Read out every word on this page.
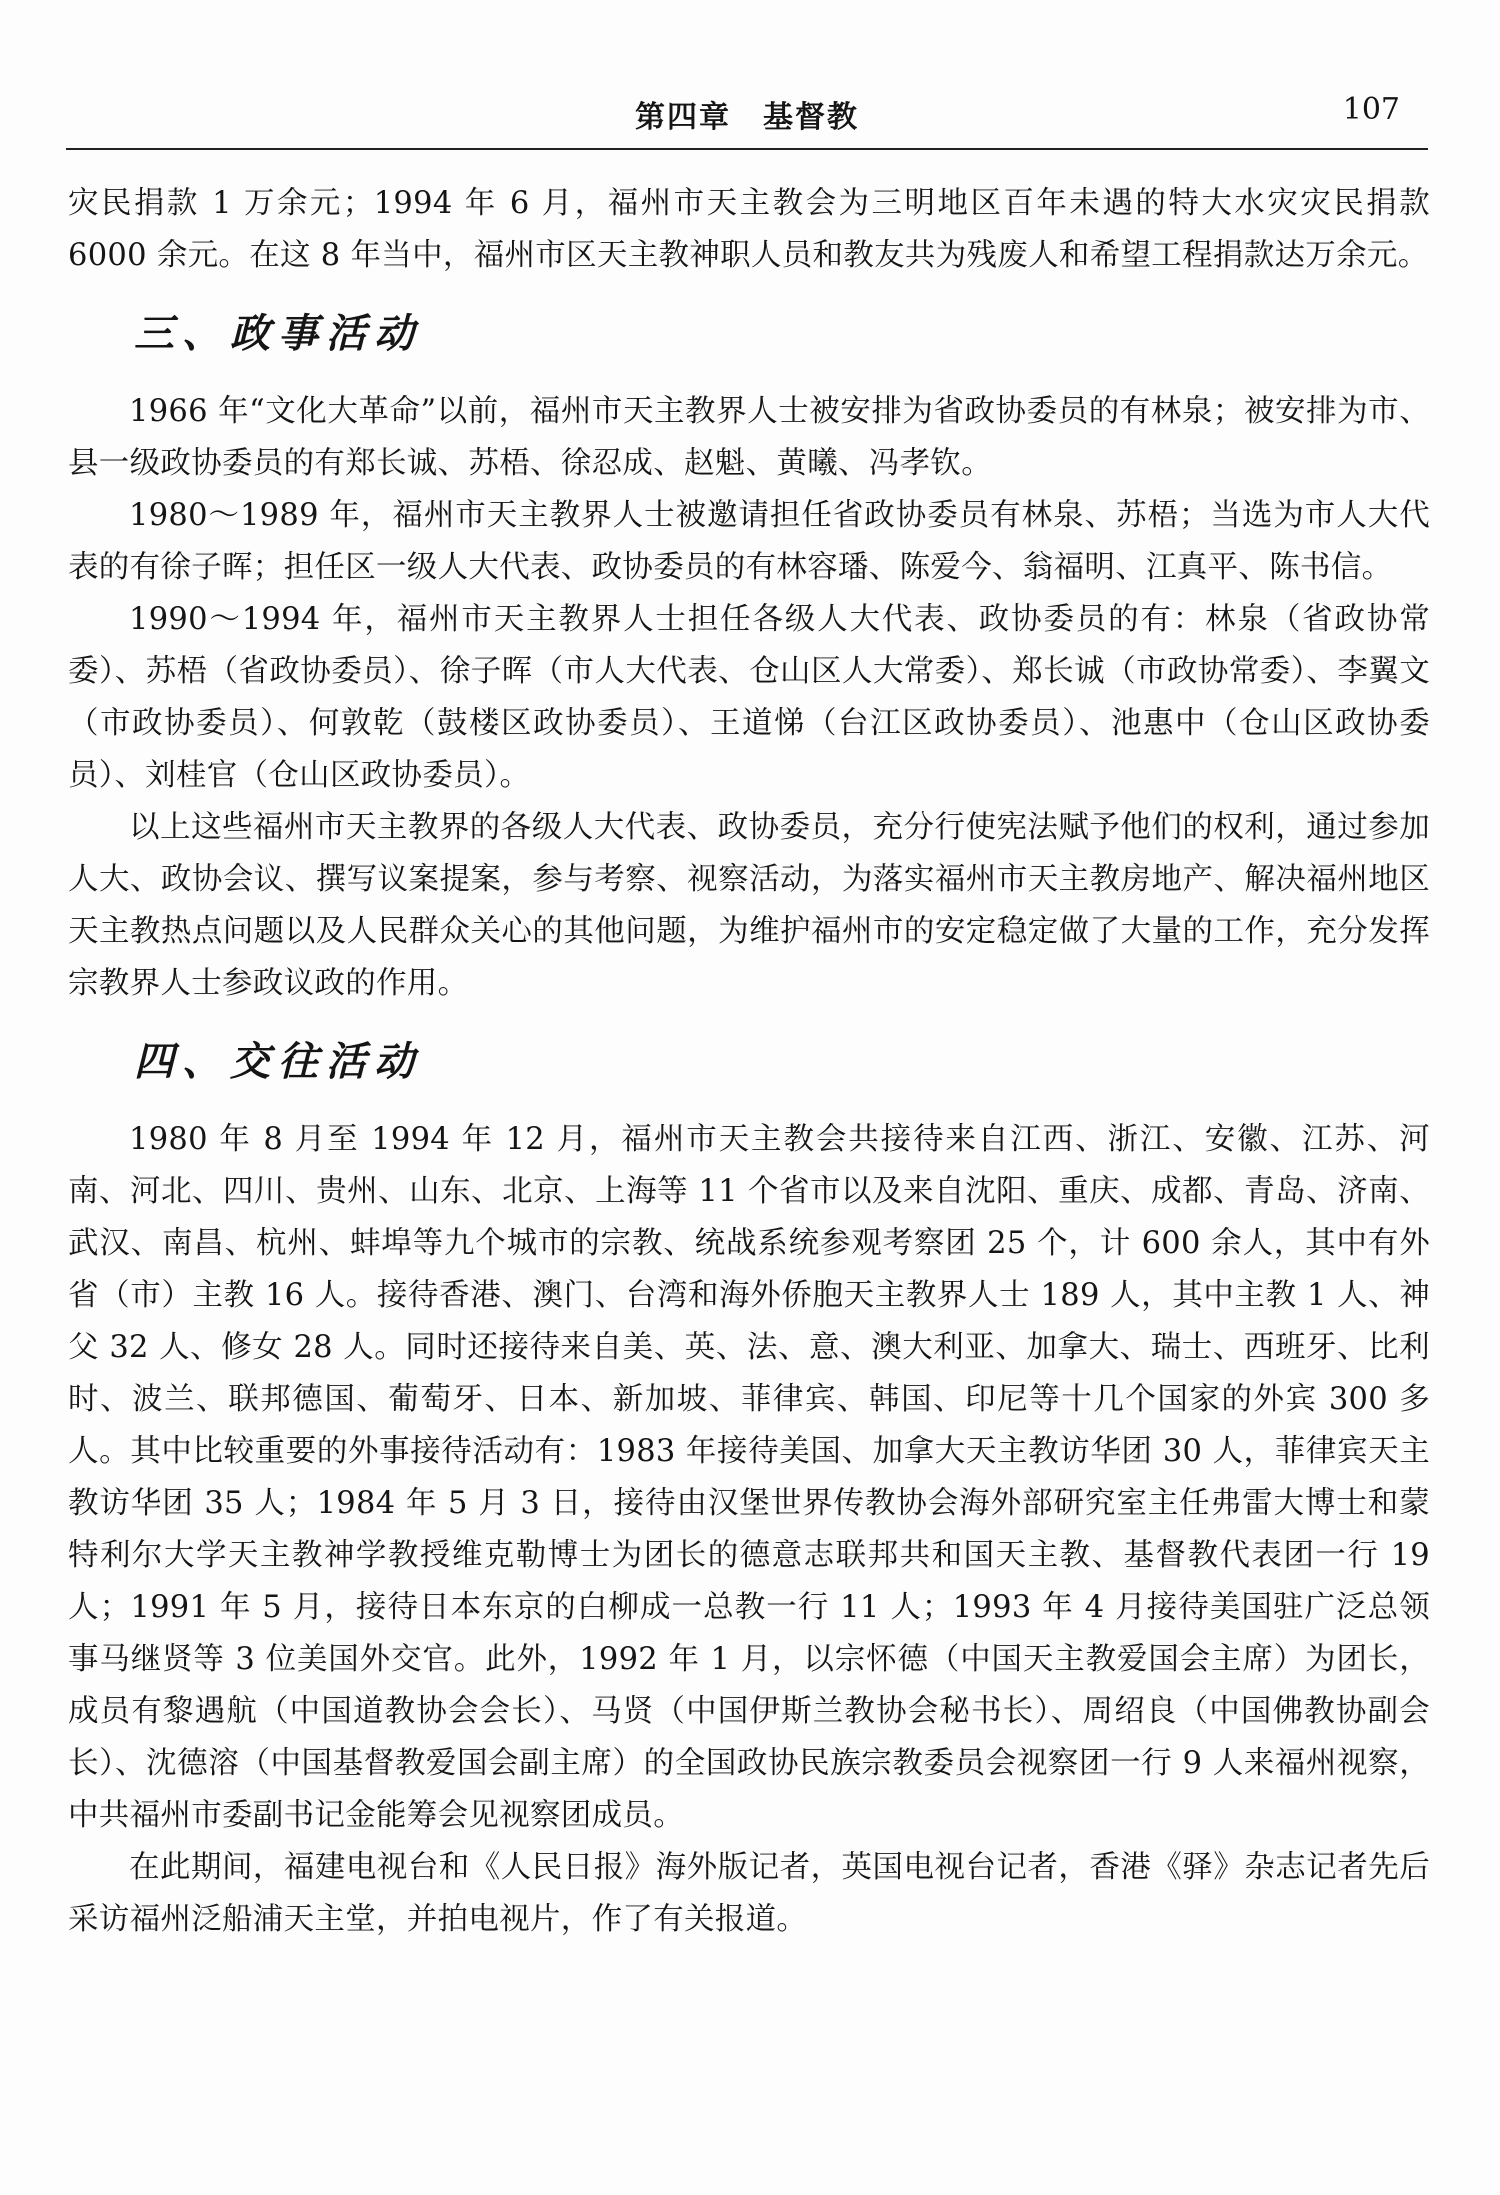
第四章　基督教	107

灾民捐款 1 万余元；1994 年 6 月，福州市天主教会为三明地区百年未遇的特大水灾灾民捐款 6000 余元。在这 8 年当中，福州市区天主教神职人员和教友共为残废人和希望工程捐款达万余元。

三、政事活动

1966 年“文化大革命”以前，福州市天主教界人士被安排为省政协委员的有林泉；被安排为市、县一级政协委员的有郑长诚、苏梧、徐忍成、赵魁、黄曦、冯孝钦。

1980～1989 年，福州市天主教界人士被邀请担任省政协委员有林泉、苏梧；当选为市人大代表的有徐子晖；担任区一级人大代表、政协委员的有林容璠、陈爱今、翁福明、江真平、陈书信。

1990～1994 年，福州市天主教界人士担任各级人大代表、政协委员的有：林泉（省政协常委）、苏梧（省政协委员）、徐子晖（市人大代表、仓山区人大常委）、郑长诚（市政协常委）、李翼文（市政协委员）、何敦乾（鼓楼区政协委员）、王道悌（台江区政协委员）、池惠中（仓山区政协委员）、刘桂官（仓山区政协委员）。

以上这些福州市天主教界的各级人大代表、政协委员，充分行使宪法赋予他们的权利，通过参加人大、政协会议、撰写议案提案，参与考察、视察活动，为落实福州市天主教房地产、解决福州地区天主教热点问题以及人民群众关心的其他问题，为维护福州市的安定稳定做了大量的工作，充分发挥宗教界人士参政议政的作用。

四、交往活动

1980 年 8 月至 1994 年 12 月，福州市天主教会共接待来自江西、浙江、安徽、江苏、河南、河北、四川、贵州、山东、北京、上海等 11 个省市以及来自沈阳、重庆、成都、青岛、济南、武汉、南昌、杭州、蚌埠等九个城市的宗教、统战系统参观考察团 25 个，计 600 余人，其中有外省（市）主教 16 人。接待香港、澳门、台湾和海外侨胞天主教界人士 189 人，其中主教 1 人、神父 32 人、修女 28 人。同时还接待来自美、英、法、意、澳大利亚、加拿大、瑞士、西班牙、比利时、波兰、联邦德国、葡萄牙、日本、新加坡、菲律宾、韩国、印尼等十几个国家的外宾 300 多人。其中比较重要的外事接待活动有：1983 年接待美国、加拿大天主教访华团 30 人，菲律宾天主教访华团 35 人；1984 年 5 月 3 日，接待由汉堡世界传教协会海外部研究室主任弗雷大博士和蒙特利尔大学天主教神学教授维克勒博士为团长的德意志联邦共和国天主教、基督教代表团一行 19 人；1991 年 5 月，接待日本东京的白柳成一总教一行 11 人；1993 年 4 月接待美国驻广泛总领事马继贤等 3 位美国外交官。此外，1992 年 1 月，以宗怀德（中国天主教爱国会主席）为团长，成员有黎遇航（中国道教协会会长）、马贤（中国伊斯兰教协会秘书长）、周绍良（中国佛教协副会长）、沈德溶（中国基督教爱国会副主席）的全国政协民族宗教委员会视察团一行 9 人来福州视察，中共福州市委副书记金能筹会见视察团成员。

在此期间，福建电视台和《人民日报》海外版记者，英国电视台记者，香港《驿》杂志记者先后采访福州泛船浦天主堂，并拍电视片，作了有关报道。
